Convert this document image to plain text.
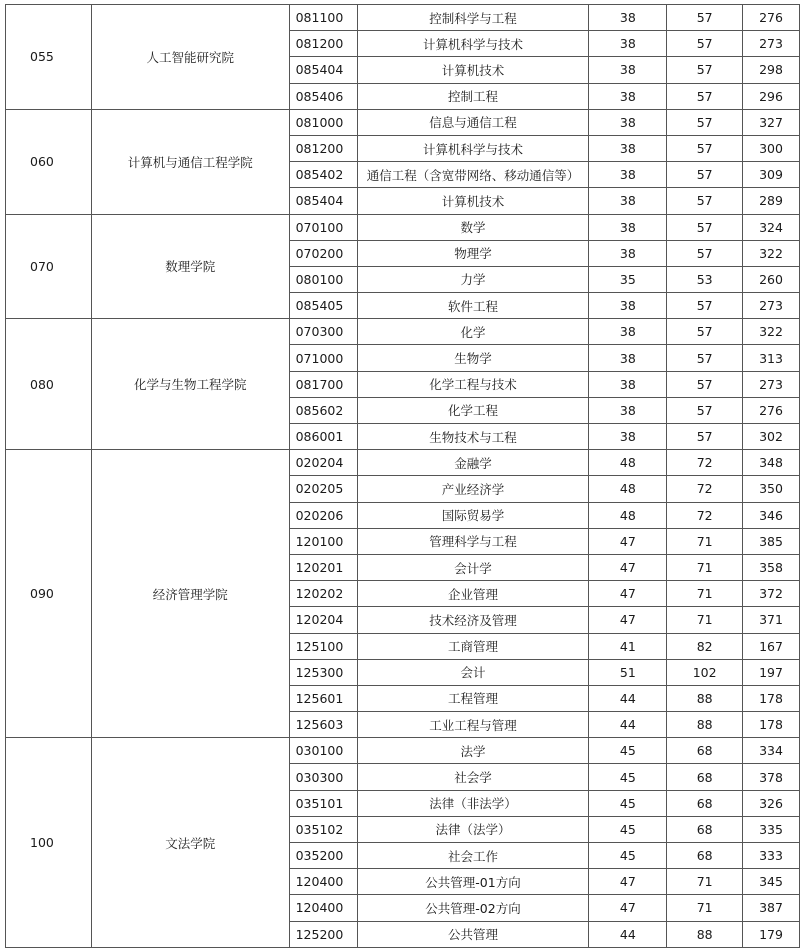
055	人工智能研究院	081100	控制科学与工程	38	57	276
		081200	计算机科学与技术	38	57	273
		085404	计算机技术	38	57	298
		085406	控制工程	38	57	296
060	计算机与通信工程学院	081000	信息与通信工程	38	57	327
		081200	计算机科学与技术	38	57	300
		085402	通信工程（含宽带网络、移动通信等）	38	57	309
		085404	计算机技术	38	57	289
070	数理学院	070100	数学	38	57	324
		070200	物理学	38	57	322
		080100	力学	35	53	260
		085405	软件工程	38	57	273
080	化学与生物工程学院	070300	化学	38	57	322
		071000	生物学	38	57	313
		081700	化学工程与技术	38	57	273
		085602	化学工程	38	57	276
		086001	生物技术与工程	38	57	302
090	经济管理学院	020204	金融学	48	72	348
		020205	产业经济学	48	72	350
		020206	国际贸易学	48	72	346
		120100	管理科学与工程	47	71	385
		120201	会计学	47	71	358
		120202	企业管理	47	71	372
		120204	技术经济及管理	47	71	371
		125100	工商管理	41	82	167
		125300	会计	51	102	197
		125601	工程管理	44	88	178
		125603	工业工程与管理	44	88	178
100	文法学院	030100	法学	45	68	334
		030300	社会学	45	68	378
		035101	法律（非法学）	45	68	326
		035102	法律（法学）	45	68	335
		035200	社会工作	45	68	333
		120400	公共管理-01方向	47	71	345
		120400	公共管理-02方向	47	71	387
		125200	公共管理	44	88	179
